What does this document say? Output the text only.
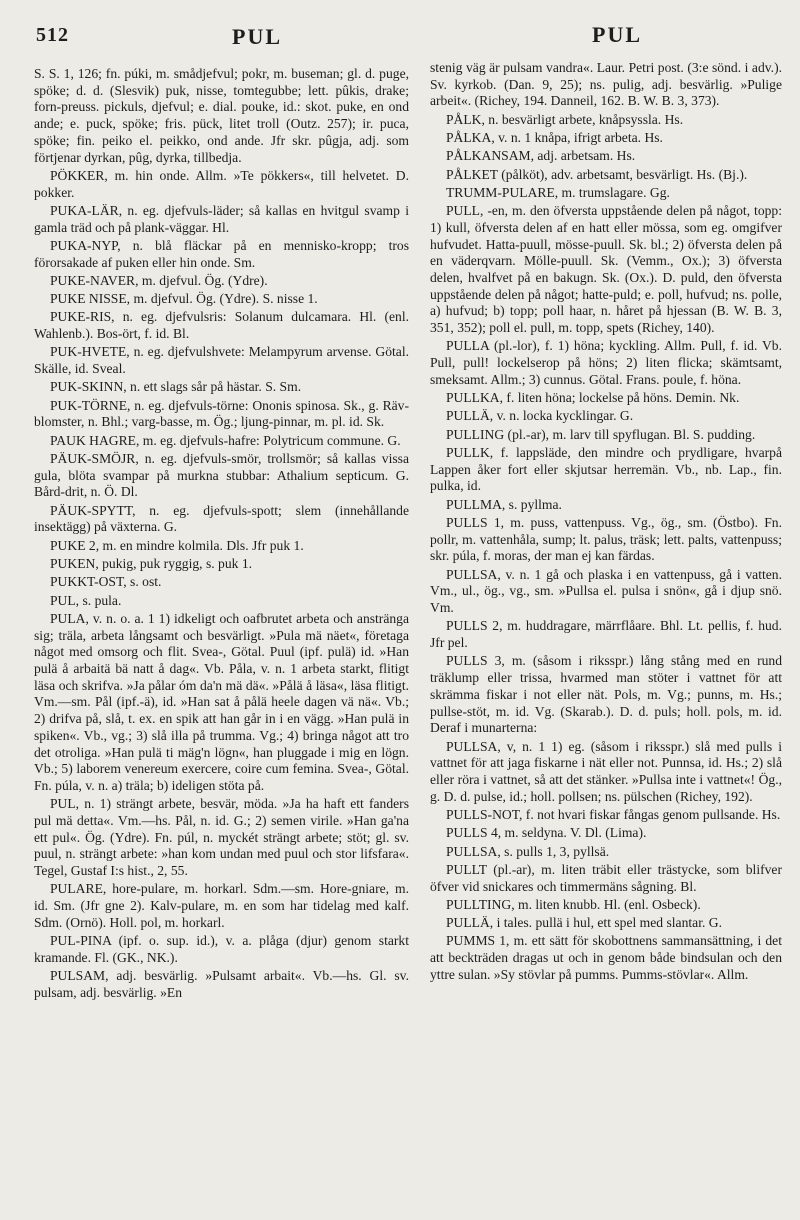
512	PUL	PUL

S. S. 1, 126; fn. púki, m. smådjefvul; pokr, m. buseman; gl. d. puge, spöke; d. d. (Slesvik) puk, nisse, tomtegubbe; lett. pûkis, drake; forn-preuss. pickuls, djefvul; e. dial. pouke, id.: skot. puke, en ond ande; e. puck, spöke; fris. pück, litet troll (Outz. 257); ir. puca, spöke; fin. peiko el. peikko, ond ande. Jfr skr. pûgja, adj. som förtjenar dyrkan, pûg, dyrka, tillbedja.

PÖKKER, m. hin onde. Allm. »Te pökkers«, till helvetet. D. pokker.

PUKA-LÄR, n. eg. djefvuls-läder; så kallas en hvitgul svamp i gamla träd och på plank-väggar. Hl.

PUKA-NYP, n. blå fläckar på en mennisko-kropp; tros förorsakade af puken eller hin onde. Sm.

PUKE-NAVER, m. djefvul. Ög. (Ydre).

PUKE NISSE, m. djefvul. Ög. (Ydre). S. nisse 1.

PUKE-RIS, n. eg. djefvulsris: Solanum dulcamara. Hl. (enl. Wahlenb.). Bos-ört, f. id. Bl.

PUK-HVETE, n. eg. djefvulshvete: Melampyrum arvense. Götal. Skälle, id. Sveal.

PUK-SKINN, n. ett slags sår på hästar. S. Sm.

PUK-TÖRNE, n. eg. djefvuls-törne: Ononis spinosa. Sk., g. Räv-blomster, n. Bhl.; varg-basse, m. Ög.; ljung-pinnar, m. pl. id. Sk.

PAUK HAGRE, m. eg. djefvuls-hafre: Polytricum commune. G.

PÄUK-SMÖJR, n. eg. djefvuls-smör, trollsmör; så kallas vissa gula, blöta svampar på murkna stubbar: Athalium septicum. G. Bård-drit, n. Ö. Dl.

PÄUK-SPYTT, n. eg. djefvuls-spott; slem (innehållande insektägg) på växterna. G.

PUKE 2, m. en mindre kolmila. Dls. Jfr puk 1.

PUKEN, pukig, puk ryggig, s. puk 1.

PUKKT-OST, s. ost.

PUL, s. pula.

PULA, v. n. o. a. 1 1) idkeligt och oafbrutet arbeta och anstränga sig; träla, arbeta långsamt och besvärligt. »Pula mä näet«, företaga något med omsorg och flit. Svea-, Götal. Puul (ipf. pulä) id. »Han pulä å arbaitä bä natt å dag«. Vb. Påla, v. n. 1 arbeta starkt, flitigt läsa och skrifva. »Ja pålar óm da'n mä dä«. »Pålä å läsa«, läsa flitigt. Vm.—sm. Pål (ipf.-ä), id. »Han sat å pålä heele dagen vä nä«. Vb.; 2) drifva på, slå, t. ex. en spik att han går in i en vägg. »Han pulä in spiken«. Vb., vg.; 3) slå illa på trumma. Vg.; 4) bringa något att tro det otroliga. »Han pulä ti mäg'n lögn«, han pluggade i mig en lögn. Vb.; 5) laborem venereum exercere, coire cum femina. Svea-, Götal. Fn. púla, v. n. a) träla; b) ideligen stöta på.

PUL, n. 1) strängt arbete, besvär, möda. »Ja ha haft ett fanders pul mä detta«. Vm.—hs. Pål, n. id. G.; 2) semen virile. »Han ga'na ett pul«. Ög. (Ydre). Fn. púl, n. myckét strängt arbete; stöt; gl. sv. puul, n. strängt arbete: »han kom undan med puul och stor lifsfara«. Tegel, Gustaf I:s hist., 2, 55.

PULARE, hore-pulare, m. horkarl. Sdm.—sm. Hore-gniare, m. id. Sm. (Jfr gne 2). Kalv-pulare, m. en som har tidelag med kalf. Sdm. (Ornö). Holl. pol, m. horkarl.

PUL-PINA (ipf. o. sup. id.), v. a. plåga (djur) genom starkt kramande. Fl. (GK., NK.).

PULSAM, adj. besvärlig. »Pulsamt arbait«. Vb.—hs. Gl. sv. pulsam, adj. besvärlig. »En

stenig väg är pulsam vandra«. Laur. Petri post. (3:e sönd. i adv.). Sv. kyrkob. (Dan. 9, 25); ns. pulig, adj. besvärlig. »Pulige arbeit«. (Richey, 194. Danneil, 162. B. W. B. 3, 373).

PÅLK, n. besvärligt arbete, knåpsyssla. Hs.

PÅLKA, v. n. 1 knåpa, ifrigt arbeta. Hs.

PÅLKANSAM, adj. arbetsam. Hs.

PÅLKET (pålköt), adv. arbetsamt, besvärligt. Hs. (Bj.).

TRUMM-PULARE, m. trumslagare. Gg.

PULL, -en, m. den öfversta uppstående delen på något, topp: 1) kull, öfversta delen af en hatt eller mössa, som eg. omgifver hufvudet. Hatta-puull, mösse-puull. Sk. bl.; 2) öfversta delen på en väderqvarn. Mölle-puull. Sk. (Vemm., Ox.); 3) öfversta delen, hvalfvet på en bakugn. Sk. (Ox.). D. puld, den öfversta uppstående delen på något; hatte-puld; e. poll, hufvud; ns. polle, a) hufvud; b) topp; poll haar, n. håret på hjessan (B. W. B. 3, 351, 352); poll el. pull, m. topp, spets (Richey, 140).

PULLA (pl.-lor), f. 1) höna; kyckling. Allm. Pull, f. id. Vb. Pull, pull! lockelserop på höns; 2) liten flicka; skämtsamt, smeksamt. Allm.; 3) cunnus. Götal. Frans. poule, f. höna.

PULLKA, f. liten höna; lockelse på höns. Demin. Nk.

PULLÄ, v. n. locka kycklingar. G.

PULLING (pl.-ar), m. larv till spyflugan. Bl. S. pudding.

PULLK, f. lappsläde, den mindre och prydligare, hvarpå Lappen åker fort eller skjutsar herremän. Vb., nb. Lap., fin. pulka, id.

PULLMA, s. pyllma.

PULLS 1, m. puss, vattenpuss. Vg., ög., sm. (Östbo). Fn. pollr, m. vattenhåla, sump; lt. palus, träsk; lett. palts, vattenpuss; skr. púla, f. moras, der man ej kan färdas.

PULLSA, v. n. 1 gå och plaska i en vattenpuss, gå i vatten. Vm., ul., ög., vg., sm. »Pullsa el. pulsa i snön«, gå i djup snö. Vm.

PULLS 2, m. huddragare, märrflåare. Bhl. Lt. pellis, f. hud. Jfr pel.

PULLS 3, m. (såsom i riksspr.) lång stång med en rund träklump eller trissa, hvarmed man stöter i vattnet för att skrämma fiskar i not eller nät. Pols, m. Vg.; punns, m. Hs.; pullse-stöt, m. id. Vg. (Skarab.). D. d. puls; holl. pols, m. id. Deraf i munarterna:

PULLSA, v, n. 1 1) eg. (såsom i riksspr.) slå med pulls i vattnet för att jaga fiskarne i nät eller not. Punnsa, id. Hs.; 2) slå eller röra i vattnet, så att det stänker. »Pullsa inte i vattnet«! Ög., g. D. d. pulse, id.; holl. pollsen; ns. pülschen (Richey, 192).

PULLS-NOT, f. not hvari fiskar fångas genom pullsande. Hs.

PULLS 4, m. seldyna. V. Dl. (Lima).

PULLSA, s. pulls 1, 3, pyllsä.

PULLT (pl.-ar), m. liten träbit eller trästycke, som blifver öfver vid snickares och timmermäns sågning. Bl.

PULLTING, m. liten knubb. Hl. (enl. Osbeck).

PULLÄ, i tales. pullä i hul, ett spel med slantar. G.

PUMMS 1, m. ett sätt för skobottnens sammansättning, i det att beckträden dragas ut och in genom både bindsulan och den yttre sulan. »Sy stövlar på pumms. Pumms-stövlar«. Allm.
